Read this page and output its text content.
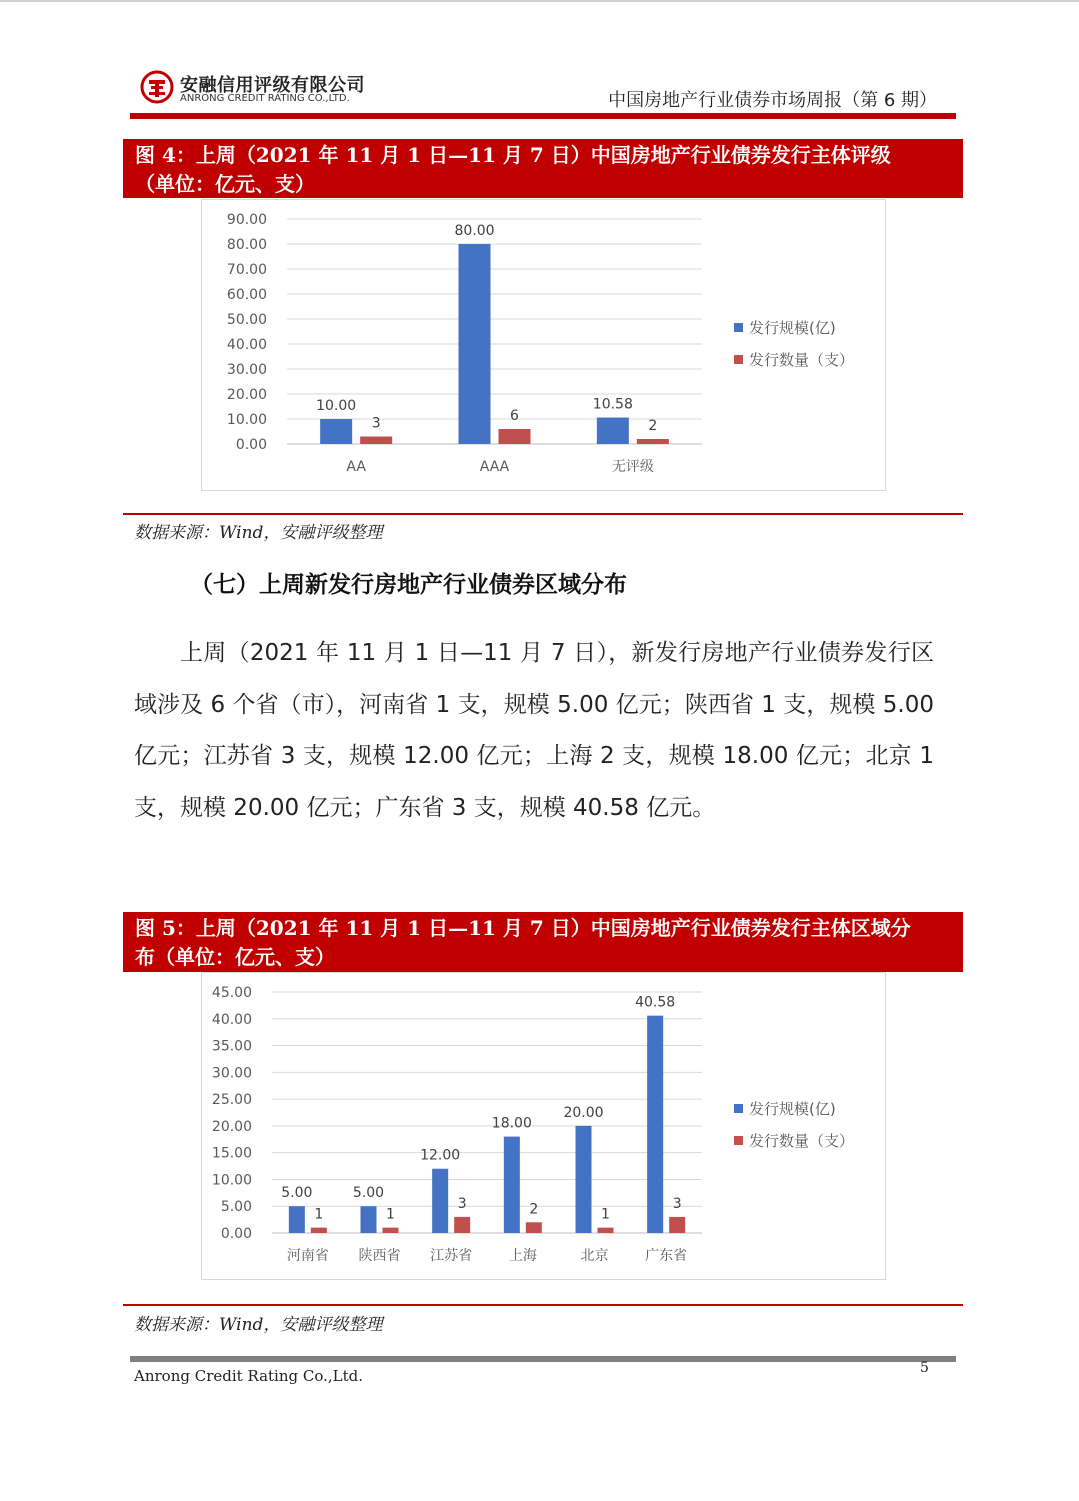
安融信用评级有限公司
ANRONG CREDIT RATING CO.,LTD.	中国房地产行业债券市场周报（第 6 期）
图 4：上周（2021 年 11 月 1 日—11 月 7 日）中国房地产行业债券发行主体评级
（单位：亿元、支）
0.00
10.00
20.00
30.00
40.00
50.00
60.00
70.00
80.00
90.00
AA
10.00
3
AAA
80.00
6
无评级
10.58
2
发行规模(亿)
发行数量（支）
数据来源：Wind，安融评级整理
（七）上周新发行房地产行业债券区域分布
上周（2021 年 11 月 1 日—11 月 7 日），新发行房地产行业债券发行区域涉及 6 个省（市），河南省 1 支，规模 5.00 亿元；陕西省 1 支，规模 5.00 亿元；江苏省 3 支，规模 12.00 亿元；上海 2 支，规模 18.00 亿元；北京 1 支，规模 20.00 亿元；广东省 3 支，规模 40.58 亿元。
图 5：上周（2021 年 11 月 1 日—11 月 7 日）中国房地产行业债券发行主体区域分
布（单位：亿元、支）
0.00
5.00
10.00
15.00
20.00
25.00
30.00
35.00
40.00
45.00
河南省
5.00
1
陕西省
5.00
1
江苏省
12.00
3
上海
18.00
2
北京
20.00
1
广东省
40.58
3
发行规模(亿)
发行数量（支）
数据来源：Wind，安融评级整理
Anrong Credit Rating Co.,Ltd.	5
